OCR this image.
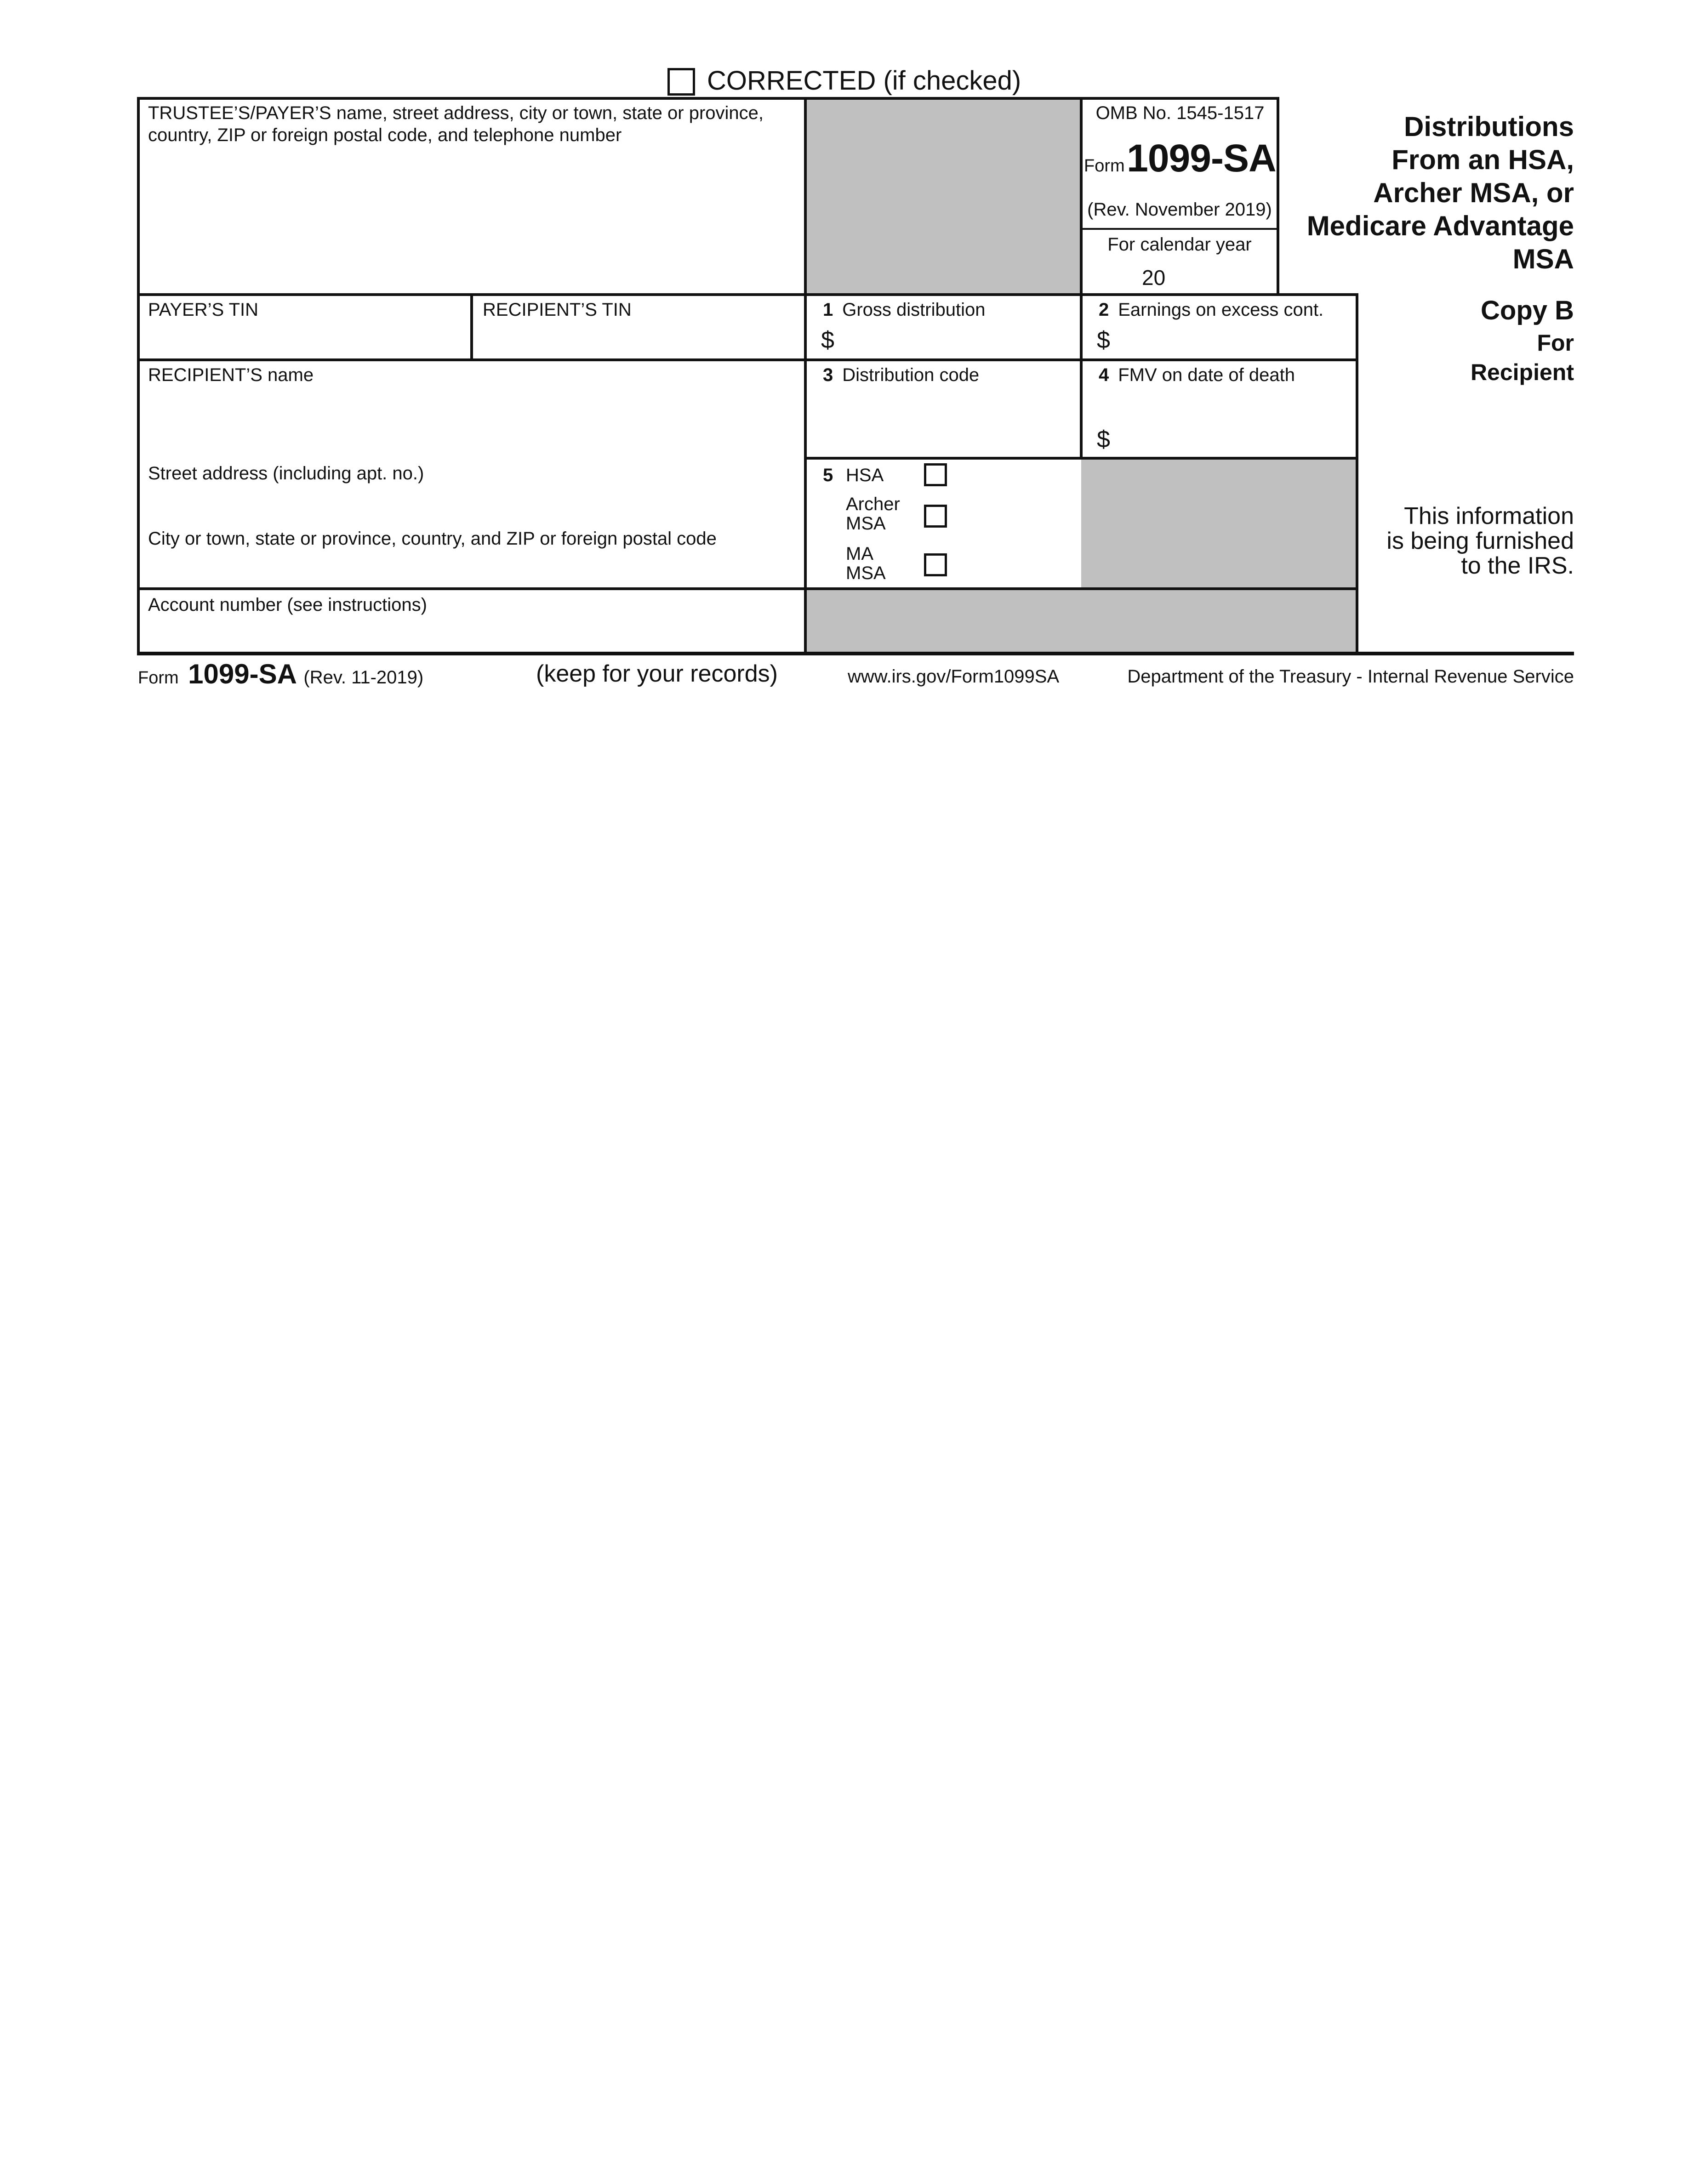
CORRECTED (if checked)
TRUSTEE’S/PAYER’S name, street address, city or town, state or province,
country, ZIP or foreign postal code, and telephone number
OMB No. 1545-1517
Form 1099-SA
(Rev. November 2019)
For calendar year
20
Distributions
From an HSA,
Archer MSA, or
Medicare Advantage
MSA
PAYER’S TIN	RECIPIENT’S TIN	1 Gross distribution
$
2 Earnings on excess cont.
$
RECIPIENT’S name
Street address (including apt. no.)
City or town, state or province, country, and ZIP or foreign postal code
3 Distribution code	4 FMV on date of death
$
5 HSA
Archer
MSA
MA
MSA
Account number (see instructions)
Copy B
For
Recipient
This information
is being furnished
to the IRS.
Form 1099-SA (Rev. 11-2019)	(keep for your records)	www.irs.gov/Form1099SA	Department of the Treasury - Internal Revenue Service
